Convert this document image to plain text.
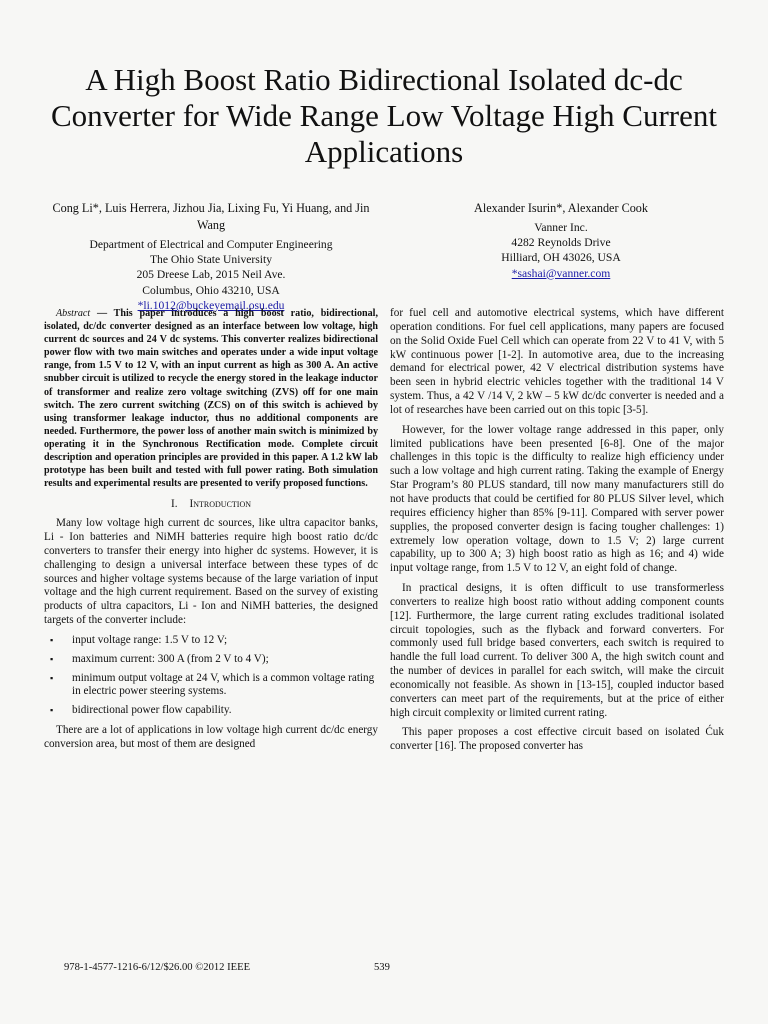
A High Boost Ratio Bidirectional Isolated dc-dc Converter for Wide Range Low Voltage High Current Applications
Cong Li*, Luis Herrera, Jizhou Jia, Lixing Fu, Yi Huang, and Jin Wang
Department of Electrical and Computer Engineering
The Ohio State University
205 Dreese Lab, 2015 Neil Ave.
Columbus, Ohio 43210, USA
*li.1012@buckeyemail.osu.edu
Alexander Isurin*, Alexander Cook
Vanner Inc.
4282 Reynolds Drive
Hilliard, OH 43026, USA
*sashai@vanner.com

Abstract — This paper introduces a high boost ratio, bidirectional, isolated, dc/dc converter designed as an interface between low voltage, high current dc sources and 24 V dc systems. This converter realizes bidirectional power flow with two main switches and operates under a wide input voltage range, from 1.5 V to 12 V, with an input current as high as 300 A. An active snubber circuit is utilized to recycle the energy stored in the leakage inductor of transformer and realize zero voltage switching (ZVS) off for one main switch. The zero current switching (ZCS) on of this switch is achieved by using transformer leakage inductor, thus no additional components are needed. Furthermore, the power loss of another main switch is minimized by operating it in the Synchronous Rectification mode. Complete circuit description and operation principles are provided in this paper. A 1.2 kW lab prototype has been built and tested with full power rating. Both simulation results and experimental results are presented to verify proposed functions.

I. Introduction

Many low voltage high current dc sources, like ultra capacitor banks, Li - Ion batteries and NiMH batteries require high boost ratio dc/dc converters to transfer their energy into higher dc systems. However, it is challenging to design a universal interface between these types of dc sources and higher voltage systems because of the large variation of input voltage and the high current requirement. Based on the survey of existing products of ultra capacitors, Li - Ion and NiMH batteries, the designed targets of the converter include:

▪ input voltage range: 1.5 V to 12 V;
▪ maximum current: 300 A (from 2 V to 4 V);
▪ minimum output voltage at 24 V, which is a common voltage rating in electric power steering systems.
▪ bidirectional power flow capability.

There are a lot of applications in low voltage high current dc/dc energy conversion area, but most of them are designed

for fuel cell and automotive electrical systems, which have different operation conditions. For fuel cell applications, many papers are focused on the Solid Oxide Fuel Cell which can operate from 22 V to 41 V, with 5 kW continuous power [1-2]. In automotive area, due to the increasing demand for electrical power, 42 V electrical distribution systems have been seen in hybrid electric vehicles together with the traditional 14 V system. Thus, a 42 V /14 V, 2 kW – 5 kW dc/dc converter is needed and a lot of researches have been carried out on this topic [3-5].

However, for the lower voltage range addressed in this paper, only limited publications have been presented [6-8]. One of the major challenges in this topic is the difficulty to realize high efficiency under such a low voltage and high current rating. Taking the example of Energy Star Program’s 80 PLUS standard, till now many manufacturers still do not have products that could be certified for 80 PLUS Silver level, which requires efficiency higher than 85% [9-11]. Compared with server power supplies, the proposed converter design is facing tougher challenges: 1) extremely low operation voltage, down to 1.5 V; 2) large current capability, up to 300 A; 3) high boost ratio as high as 16; and 4) wide input voltage range, from 1.5 V to 12 V, an eight fold of change.

In practical designs, it is often difficult to use transformerless converters to realize high boost ratio without adding component counts [12]. Furthermore, the large current rating excludes traditional isolated circuit topologies, such as the flyback and forward converters. For commonly used full bridge based converters, each switch is required to handle the full load current. To deliver 300 A, the high switch count and the number of devices in parallel for each switch, will make the circuit economically not feasible. As shown in [13-15], coupled inductor based converters can meet part of the requirements, but at the price of either high circuit complexity or limited current rating.

This paper proposes a cost effective circuit based on isolated Ćuk converter [16]. The proposed converter has

978-1-4577-1216-6/12/$26.00 ©2012 IEEE	539
